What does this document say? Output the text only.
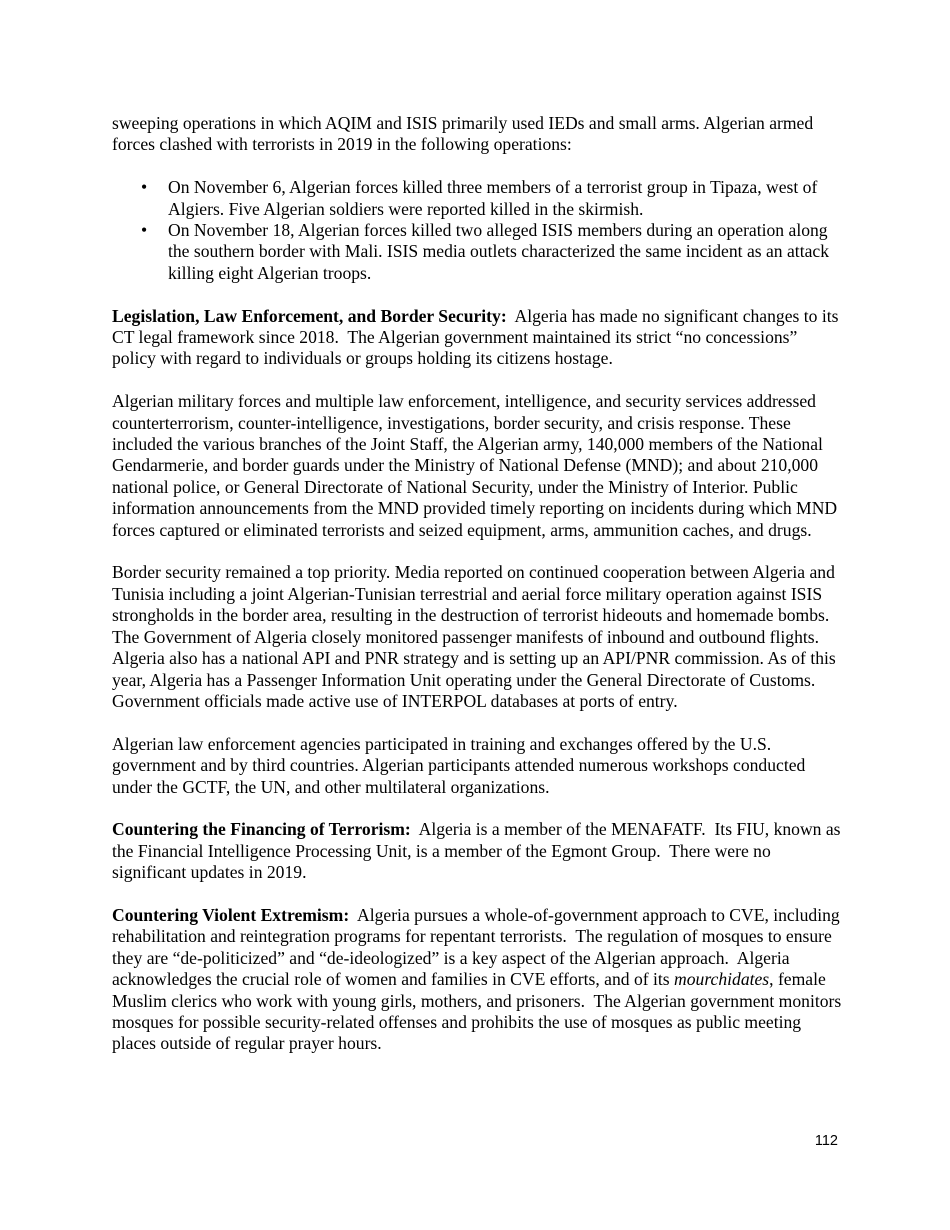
sweeping operations in which AQIM and ISIS primarily used IEDs and small arms. Algerian armed forces clashed with terrorists in 2019 in the following operations:

• On November 6, Algerian forces killed three members of a terrorist group in Tipaza, west of Algiers. Five Algerian soldiers were reported killed in the skirmish.
• On November 18, Algerian forces killed two alleged ISIS members during an operation along the southern border with Mali. ISIS media outlets characterized the same incident as an attack killing eight Algerian troops.

Legislation, Law Enforcement, and Border Security:  Algeria has made no significant changes to its CT legal framework since 2018.  The Algerian government maintained its strict “no concessions” policy with regard to individuals or groups holding its citizens hostage.

Algerian military forces and multiple law enforcement, intelligence, and security services addressed counterterrorism, counter-intelligence, investigations, border security, and crisis response. These included the various branches of the Joint Staff, the Algerian army, 140,000 members of the National Gendarmerie, and border guards under the Ministry of National Defense (MND); and about 210,000 national police, or General Directorate of National Security, under the Ministry of Interior. Public information announcements from the MND provided timely reporting on incidents during which MND forces captured or eliminated terrorists and seized equipment, arms, ammunition caches, and drugs.

Border security remained a top priority. Media reported on continued cooperation between Algeria and Tunisia including a joint Algerian-Tunisian terrestrial and aerial force military operation against ISIS strongholds in the border area, resulting in the destruction of terrorist hideouts and homemade bombs. The Government of Algeria closely monitored passenger manifests of inbound and outbound flights. Algeria also has a national API and PNR strategy and is setting up an API/PNR commission. As of this year, Algeria has a Passenger Information Unit operating under the General Directorate of Customs. Government officials made active use of INTERPOL databases at ports of entry.

Algerian law enforcement agencies participated in training and exchanges offered by the U.S. government and by third countries. Algerian participants attended numerous workshops conducted under the GCTF, the UN, and other multilateral organizations.

Countering the Financing of Terrorism:  Algeria is a member of the MENAFATF.  Its FIU, known as the Financial Intelligence Processing Unit, is a member of the Egmont Group.  There were no significant updates in 2019.

Countering Violent Extremism:  Algeria pursues a whole-of-government approach to CVE, including rehabilitation and reintegration programs for repentant terrorists.  The regulation of mosques to ensure they are “de-politicized” and “de-ideologized” is a key aspect of the Algerian approach.  Algeria acknowledges the crucial role of women and families in CVE efforts, and of its mourchidates, female Muslim clerics who work with young girls, mothers, and prisoners.  The Algerian government monitors mosques for possible security-related offenses and prohibits the use of mosques as public meeting places outside of regular prayer hours.

112
